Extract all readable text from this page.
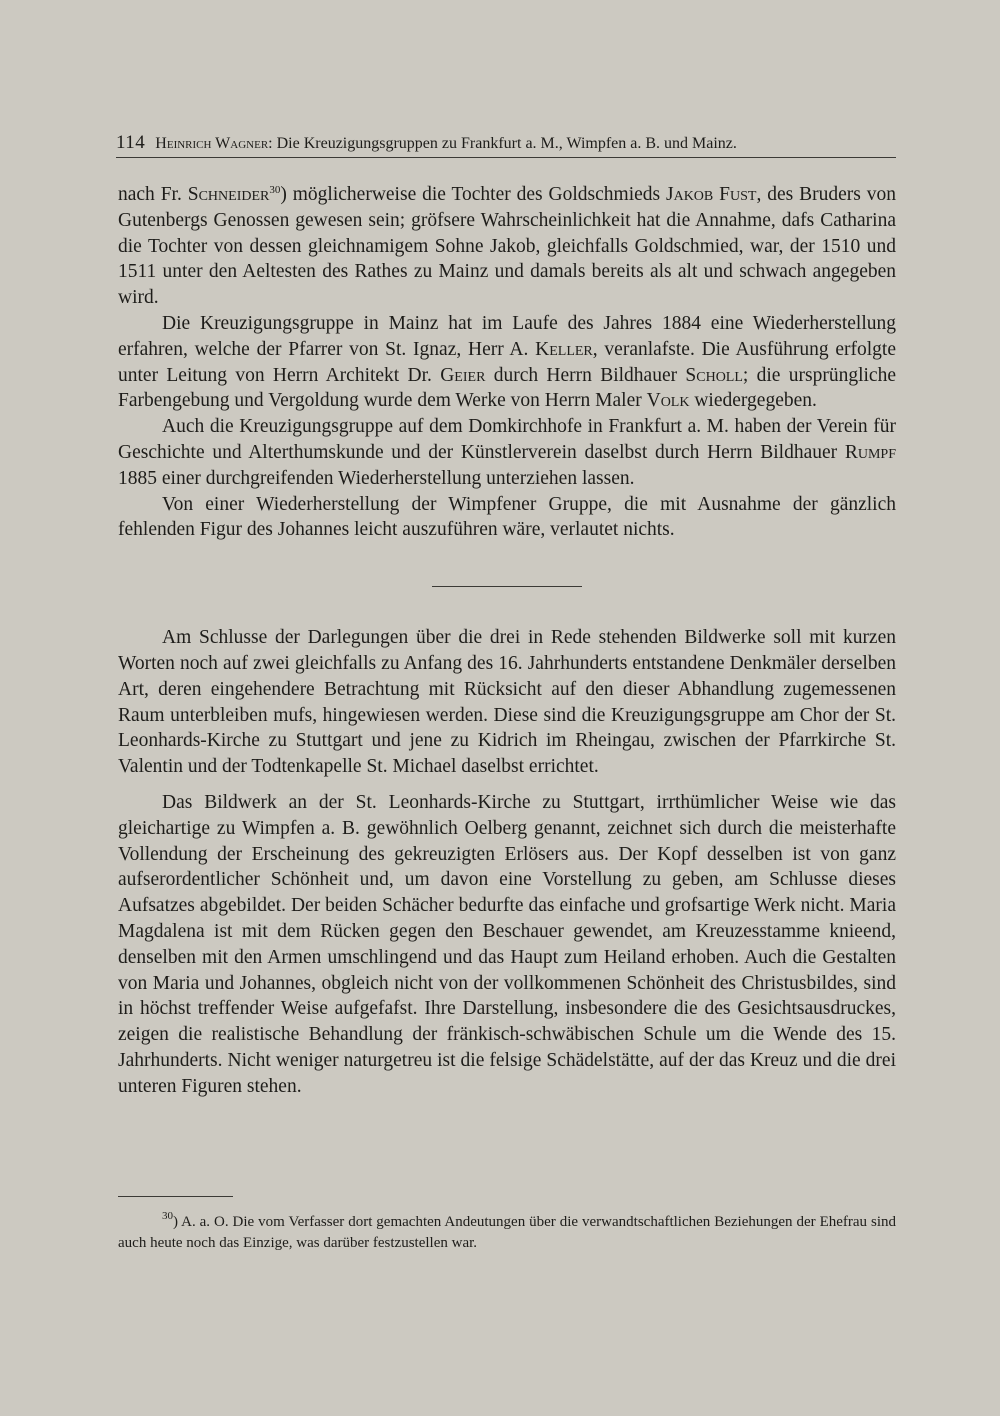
114 Heinrich Wagner: Die Kreuzigungsgruppen zu Frankfurt a. M., Wimpfen a. B. und Mainz.

nach Fr. Schneider$^{30}$) möglicherweise die Tochter des Goldschmieds Jakob Fust, des Bruders von Gutenbergs Genossen gewesen sein; gröfsere Wahrscheinlichkeit hat die Annahme, dafs Catharina die Tochter von dessen gleichnamigem Sohne Jakob, gleichfalls Goldschmied, war, der 1510 und 1511 unter den Aeltesten des Rathes zu Mainz und damals bereits als alt und schwach angegeben wird.

Die Kreuzigungsgruppe in Mainz hat im Laufe des Jahres 1884 eine Wiederherstellung erfahren, welche der Pfarrer von St. Ignaz, Herr A. Keller, veranlafste. Die Ausführung erfolgte unter Leitung von Herrn Architekt Dr. Geier durch Herrn Bildhauer Scholl; die ursprüngliche Farbengebung und Vergoldung wurde dem Werke von Herrn Maler Volk wiedergegeben.

Auch die Kreuzigungsgruppe auf dem Domkirchhofe in Frankfurt a. M. haben der Verein für Geschichte und Alterthumskunde und der Künstlerverein daselbst durch Herrn Bildhauer Rumpf 1885 einer durchgreifenden Wiederherstellung unterziehen lassen.

Von einer Wiederherstellung der Wimpfener Gruppe, die mit Ausnahme der gänzlich fehlenden Figur des Johannes leicht auszuführen wäre, verlautet nichts.

Am Schlusse der Darlegungen über die drei in Rede stehenden Bildwerke soll mit kurzen Worten noch auf zwei gleichfalls zu Anfang des 16. Jahrhunderts entstandene Denkmäler derselben Art, deren eingehendere Betrachtung mit Rücksicht auf den dieser Abhandlung zugemessenen Raum unterbleiben mufs, hingewiesen werden. Diese sind die Kreuzigungsgruppe am Chor der St. Leonhards-Kirche zu Stuttgart und jene zu Kidrich im Rheingau, zwischen der Pfarrkirche St. Valentin und der Todtenkapelle St. Michael daselbst errichtet.

Das Bildwerk an der St. Leonhards-Kirche zu Stuttgart, irrthümlicher Weise wie das gleichartige zu Wimpfen a. B. gewöhnlich Oelberg genannt, zeichnet sich durch die meisterhafte Vollendung der Erscheinung des gekreuzigten Erlösers aus. Der Kopf desselben ist von ganz aufserordentlicher Schönheit und, um davon eine Vorstellung zu geben, am Schlusse dieses Aufsatzes abgebildet. Der beiden Schächer bedurfte das einfache und grofsartige Werk nicht. Maria Magdalena ist mit dem Rücken gegen den Beschauer gewendet, am Kreuzesstamme knieend, denselben mit den Armen umschlingend und das Haupt zum Heiland erhoben. Auch die Gestalten von Maria und Johannes, obgleich nicht von der vollkommenen Schönheit des Christusbildes, sind in höchst treffender Weise aufgefafst. Ihre Darstellung, insbesondere die des Gesichtsausdruckes, zeigen die realistische Behandlung der fränkisch-schwäbischen Schule um die Wende des 15. Jahrhunderts. Nicht weniger naturgetreu ist die felsige Schädelstätte, auf der das Kreuz und die drei unteren Figuren stehen.

$^{30}$) A. a. O. Die vom Verfasser dort gemachten Andeutungen über die verwandtschaftlichen Beziehungen der Ehefrau sind auch heute noch das Einzige, was darüber festzustellen war.
